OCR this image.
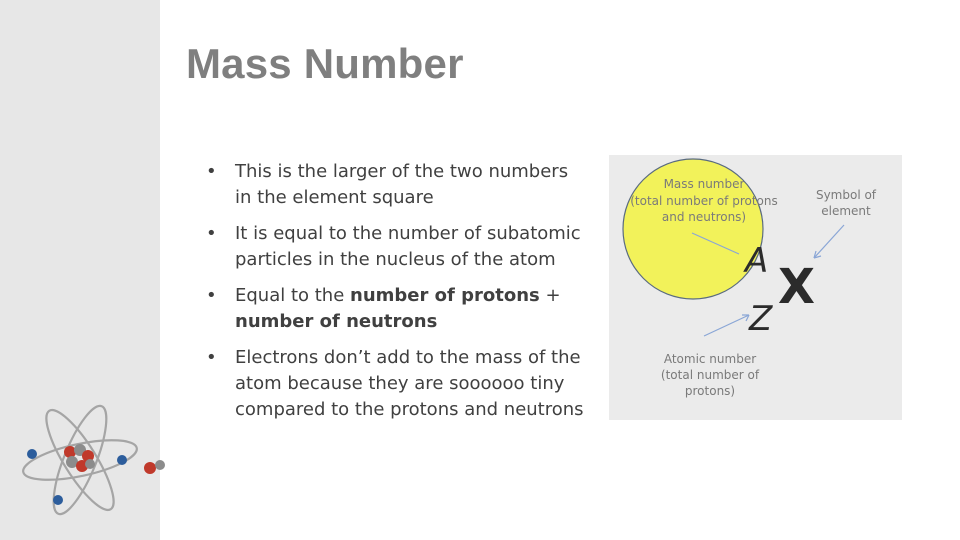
Mass Number
• This is the larger of the two numbers in the element square
• It is equal to the number of subatomic particles in the nucleus of the atom
• Equal to the number of protons + number of neutrons
• Electrons don’t add to the mass of the atom because they are soooooo tiny compared to the protons and neutrons
Mass number
(total number of protons
and neutrons)
Symbol of
element
Atomic number
(total number of
protons)
A
Z
X
